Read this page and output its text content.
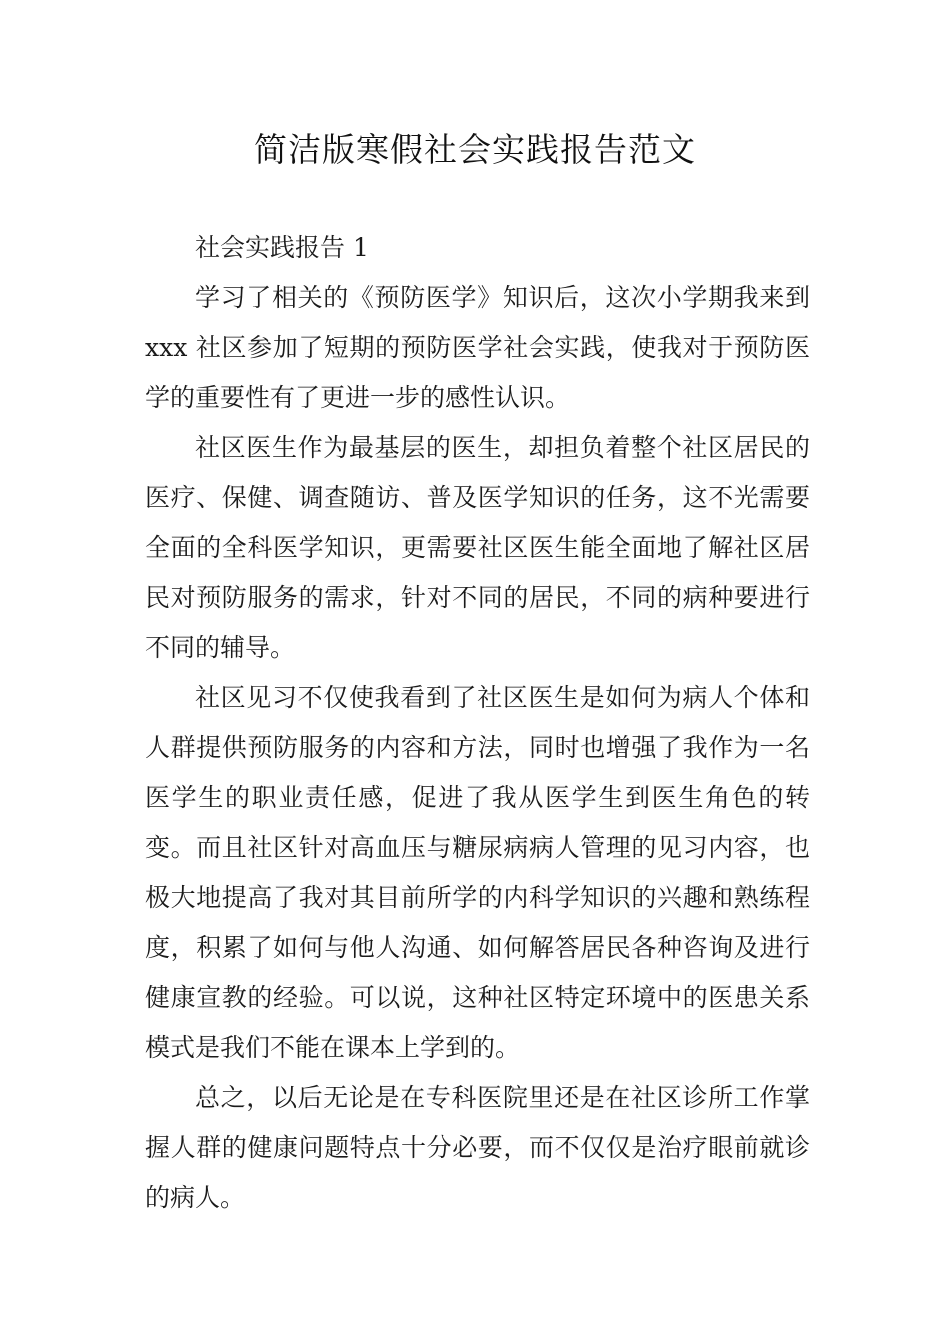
简洁版寒假社会实践报告范文

社会实践报告 1

学习了相关的《预防医学》知识后，这次小学期我来到 xxx 社区参加了短期的预防医学社会实践，使我对于预防医学的重要性有了更进一步的感性认识。

社区医生作为最基层的医生，却担负着整个社区居民的医疗、保健、调查随访、普及医学知识的任务，这不光需要全面的全科医学知识，更需要社区医生能全面地了解社区居民对预防服务的需求，针对不同的居民，不同的病种要进行不同的辅导。

社区见习不仅使我看到了社区医生是如何为病人个体和人群提供预防服务的内容和方法，同时也增强了我作为一名医学生的职业责任感，促进了我从医学生到医生角色的转变。而且社区针对高血压与糖尿病病人管理的见习内容，也极大地提高了我对其目前所学的内科学知识的兴趣和熟练程度，积累了如何与他人沟通、如何解答居民各种咨询及进行健康宣教的经验。可以说，这种社区特定环境中的医患关系模式是我们不能在课本上学到的。

总之，以后无论是在专科医院里还是在社区诊所工作掌握人群的健康问题特点十分必要，而不仅仅是治疗眼前就诊的病人。
